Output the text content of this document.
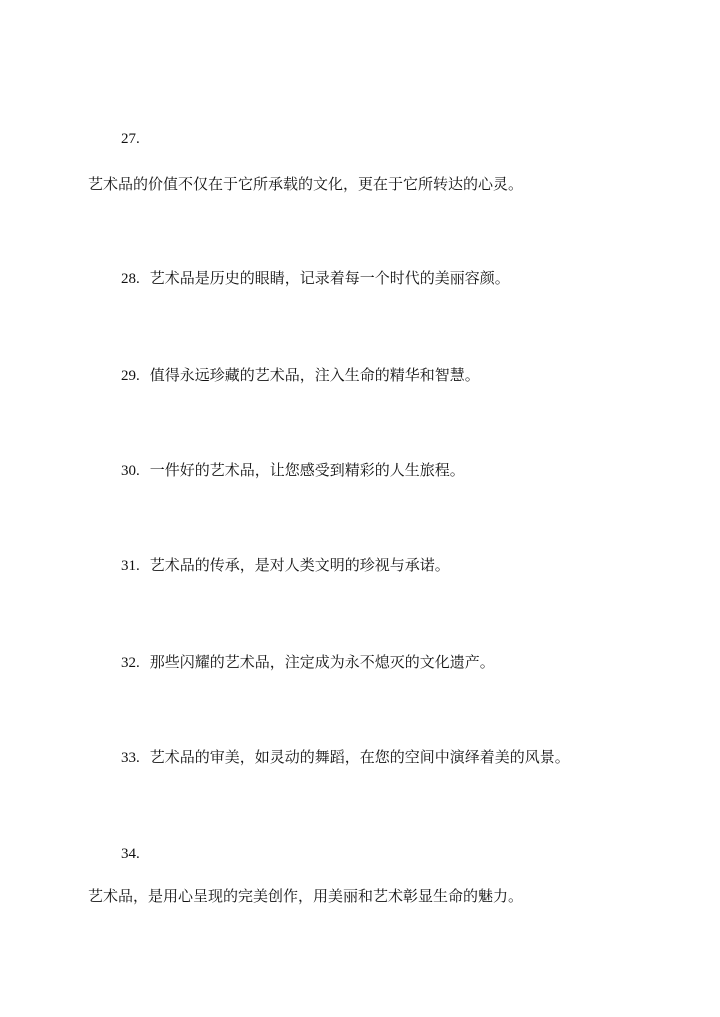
27.

艺术品的价值不仅在于它所承载的文化，更在于它所转达的心灵。

28. 艺术品是历史的眼睛，记录着每一个时代的美丽容颜。

29. 值得永远珍藏的艺术品，注入生命的精华和智慧。

30. 一件好的艺术品，让您感受到精彩的人生旅程。

31. 艺术品的传承，是对人类文明的珍视与承诺。

32. 那些闪耀的艺术品，注定成为永不熄灭的文化遗产。

33. 艺术品的审美，如灵动的舞蹈，在您的空间中演绎着美的风景。

34.

艺术品，是用心呈现的完美创作，用美丽和艺术彰显生命的魅力。
